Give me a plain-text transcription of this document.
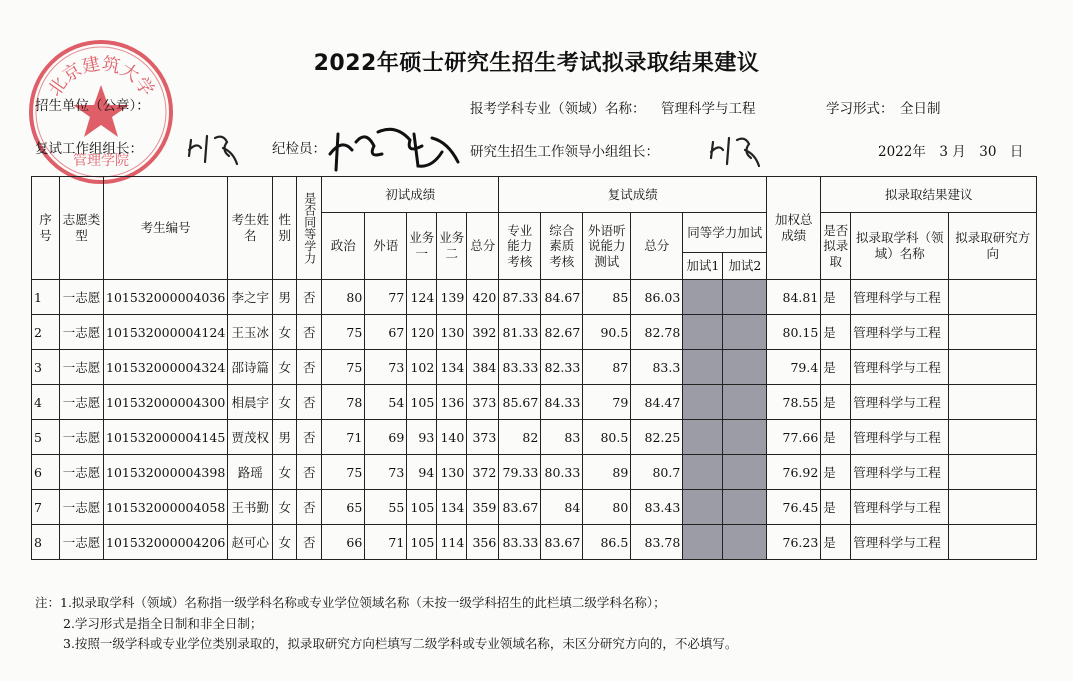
北京建筑大学
管理学院
2022年硕士研究生招生考试拟录取结果建议
招生单位（公章）：	报考学科专业（领域）名称： 管理科学与工程	学习形式： 全日制
复试工作组组长：	纪检员：	研究生招生工作领导小组组长：	2022年　3 月　30　日
序号	志愿类型	考生编号	考生姓名	性别	是否同等学力	初试成绩					复试成绩						加权总成绩	拟录取结果建议		
						政治	外语	业务一	业务二	总分	专业能力考核	综合素质考核	外语听说能力测试	总分	同等学力加试			是否拟录取	拟录取学科（领域）名称	拟录取研究方向
															加试1	加试2				
1	一志愿	101532000004036	李之宇	男	否	80	77	124	139	420	87.33	84.67	85	86.03			84.81	是	管理科学与工程	
2	一志愿	101532000004124	王玉冰	女	否	75	67	120	130	392	81.33	82.67	90.5	82.78			80.15	是	管理科学与工程	
3	一志愿	101532000004324	邵诗篇	女	否	75	73	102	134	384	83.33	82.33	87	83.3			79.4	是	管理科学与工程	
4	一志愿	101532000004300	相晨宇	女	否	78	54	105	136	373	85.67	84.33	79	84.47			78.55	是	管理科学与工程	
5	一志愿	101532000004145	贾茂权	男	否	71	69	93	140	373	82	83	80.5	82.25			77.66	是	管理科学与工程	
6	一志愿	101532000004398	路瑶	女	否	75	73	94	130	372	79.33	80.33	89	80.7			76.92	是	管理科学与工程	
7	一志愿	101532000004058	王书勤	女	否	65	55	105	134	359	83.67	84	80	83.43			76.45	是	管理科学与工程	
8	一志愿	101532000004206	赵可心	女	否	66	71	105	114	356	83.33	83.67	86.5	83.78			76.23	是	管理科学与工程	
注：1.拟录取学科（领域）名称指一级学科名称或专业学位领域名称（未按一级学科招生的此栏填二级学科名称）；
2.学习形式是指全日制和非全日制；
3.按照一级学科或专业学位类别录取的，拟录取研究方向栏填写二级学科或专业领域名称，未区分研究方向的，不必填写。
